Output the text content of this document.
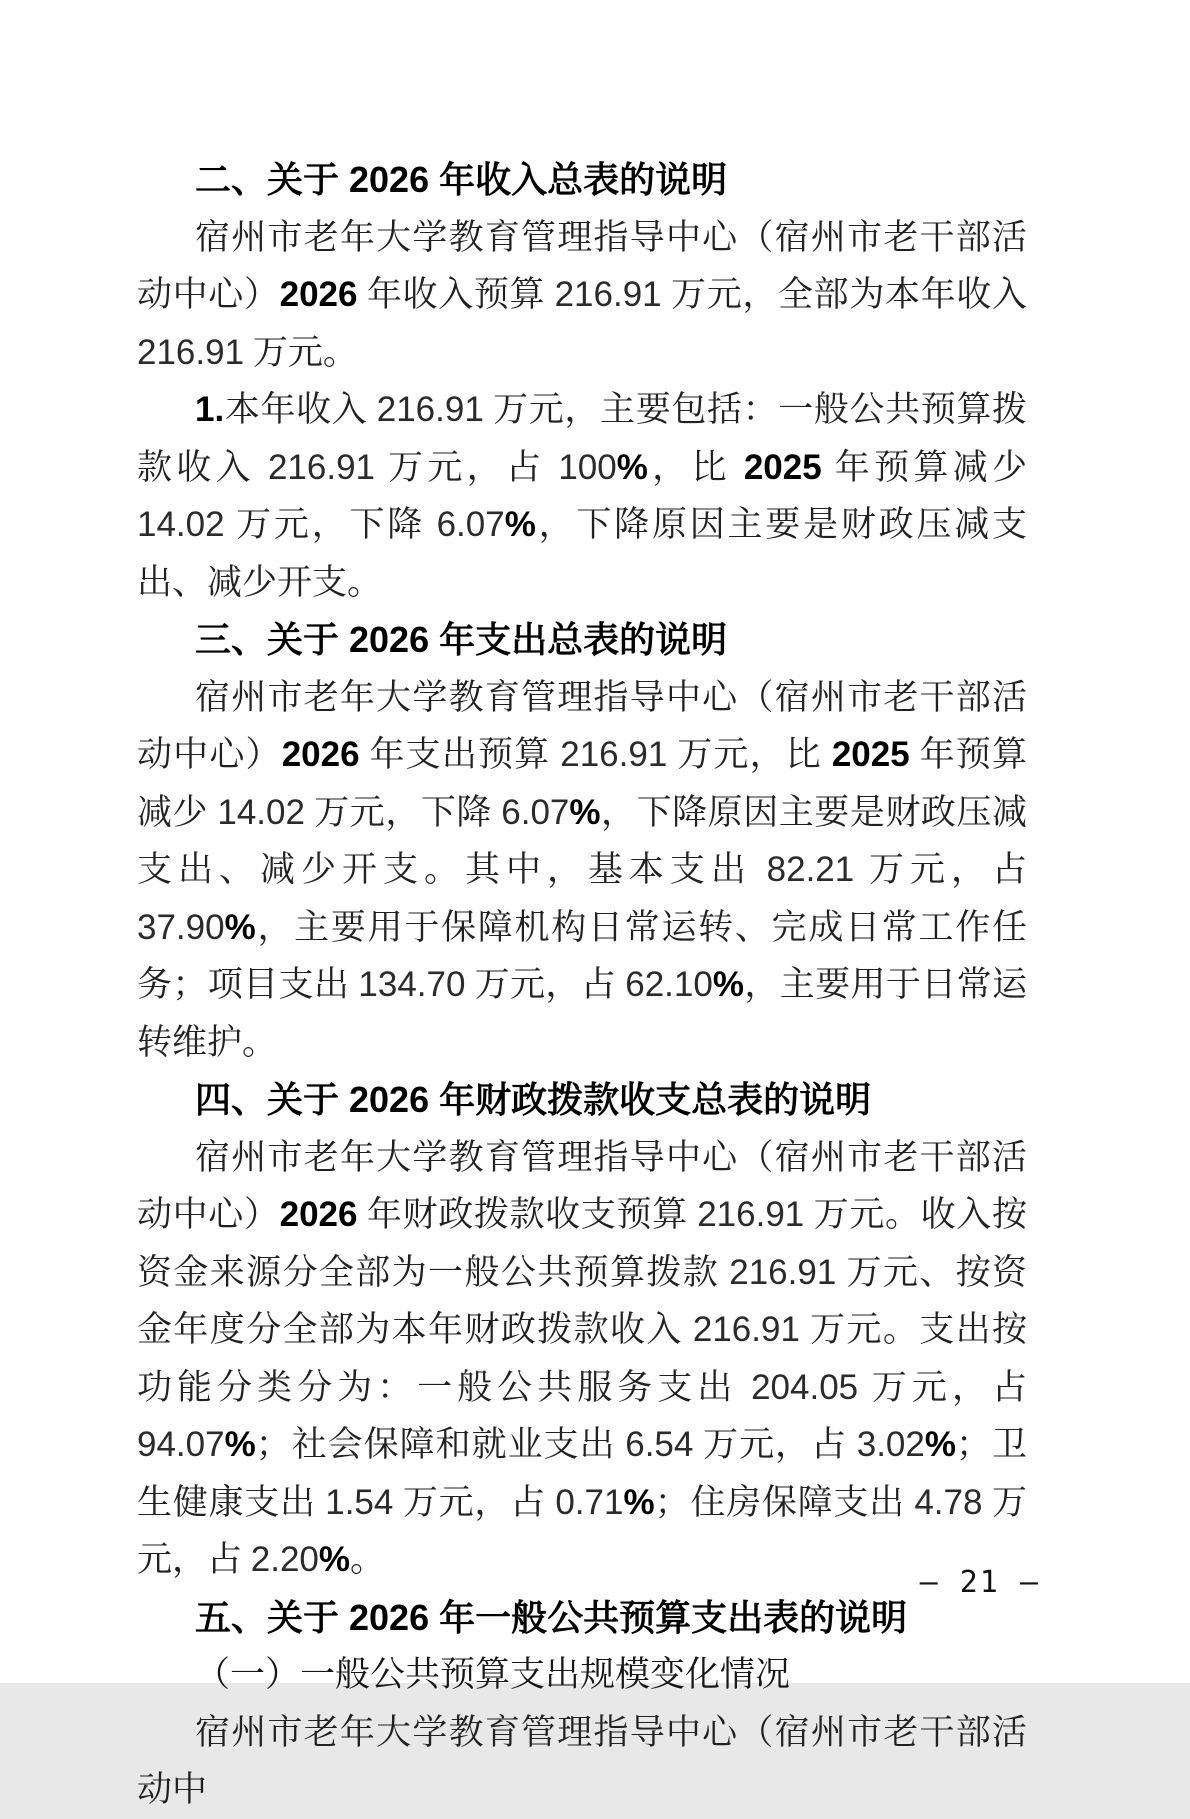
二、关于 2026 年收入总表的说明

宿州市老年大学教育管理指导中心（宿州市老干部活动中心）2026 年收入预算 216.91 万元，全部为本年收入 216.91 万元。

1.本年收入 216.91 万元，主要包括：一般公共预算拨款收入 216.91 万元，占 100%，比 2025 年预算减少 14.02 万元，下降 6.07%，下降原因主要是财政压减支出、减少开支。

三、关于 2026 年支出总表的说明

宿州市老年大学教育管理指导中心（宿州市老干部活动中心）2026 年支出预算 216.91 万元，比 2025 年预算减少 14.02 万元，下降 6.07%，下降原因主要是财政压减支出、减少开支。其中，基本支出 82.21 万元，占 37.90%，主要用于保障机构日常运转、完成日常工作任务；项目支出 134.70 万元，占 62.10%，主要用于日常运转维护。

四、关于 2026 年财政拨款收支总表的说明

宿州市老年大学教育管理指导中心（宿州市老干部活动中心）2026 年财政拨款收支预算 216.91 万元。收入按资金来源分全部为一般公共预算拨款 216.91 万元、按资金年度分全部为本年财政拨款收入 216.91 万元。支出按功能分类分为：一般公共服务支出 204.05 万元，占 94.07%；社会保障和就业支出 6.54 万元，占 3.02%；卫生健康支出 1.54 万元，占 0.71%；住房保障支出 4.78 万元，占 2.20%。

五、关于 2026 年一般公共预算支出表的说明

（一）一般公共预算支出规模变化情况

宿州市老年大学教育管理指导中心（宿州市老干部活动中

– 21 –
